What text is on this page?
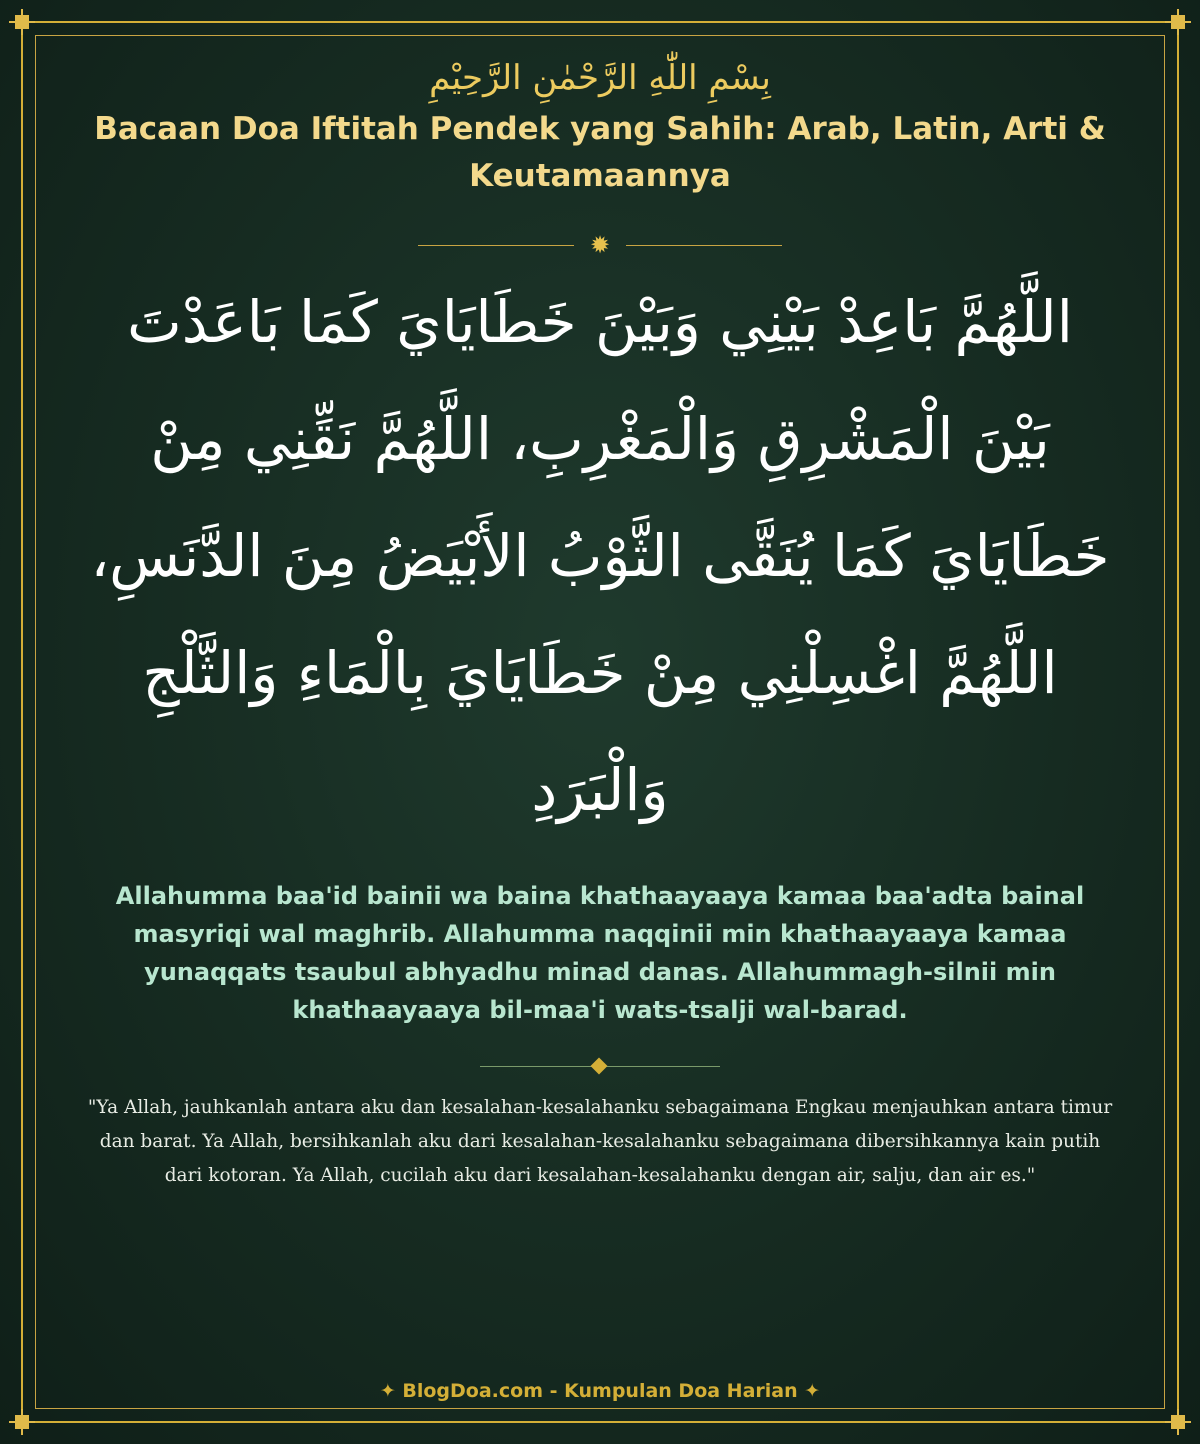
بِسْمِ اللّٰهِ الرَّحْمٰنِ الرَّحِيْمِ

Bacaan Doa Iftitah Pendek yang Sahih: Arab, Latin, Arti & Keutamaannya
✹

اللَّهُمَّ بَاعِدْ بَيْنِي وَبَيْنَ خَطَايَايَ كَمَا بَاعَدْتَ بَيْنَ الْمَشْرِقِ وَالْمَغْرِبِ، اللَّهُمَّ نَقِّنِي مِنْ خَطَايَايَ كَمَا يُنَقَّى الثَّوْبُ الأَبْيَضُ مِنَ الدَّنَسِ، اللَّهُمَّ اغْسِلْنِي مِنْ خَطَايَايَ بِالْمَاءِ وَالثَّلْجِ وَالْبَرَدِ

Allahumma baa'id bainii wa baina khathaayaaya kamaa baa'adta bainal masyriqi wal maghrib. Allahumma naqqinii min khathaayaaya kamaa yunaqqats tsaubul abhyadhu minad danas. Allahummagh-silnii min khathaayaaya bil-maa'i wats-tsalji wal-barad.

"Ya Allah, jauhkanlah antara aku dan kesalahan-kesalahanku sebagaimana Engkau menjauhkan antara timur dan barat. Ya Allah, bersihkanlah aku dari kesalahan-kesalahanku sebagaimana dibersihkannya kain putih dari kotoran. Ya Allah, cucilah aku dari kesalahan-kesalahanku dengan air, salju, dan air es."

✦ BlogDoa.com - Kumpulan Doa Harian ✦
